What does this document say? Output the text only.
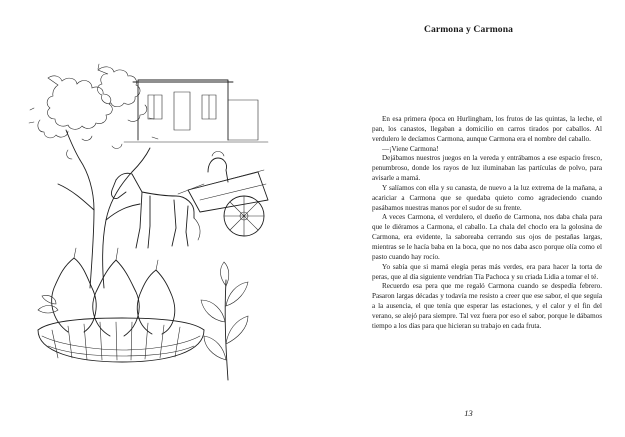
Carmona y Carmona

En esa primera época en Hurlingham, los frutos de las quintas, la leche, el pan, los canastos, llegaban a domicilio en carros tirados por caballos. Al verdulero le decíamos Carmona, aunque Carmona era el nombre del caballo.

—¡Viene Carmona!

Dejábamos nuestros juegos en la vereda y entrábamos a ese espacio fresco, penumbroso, donde los rayos de luz iluminaban las partículas de polvo, para avisarle a mamá.

Y salíamos con ella y su canasta, de nuevo a la luz extrema de la mañana, a acariciar a Carmona que se quedaba quieto como agradeciendo cuando pasábamos nuestras manos por el sudor de su frente.

A veces Carmona, el verdulero, el dueño de Carmona, nos daba chala para que le diéramos a Carmona, el caballo. La chala del choclo era la golosina de Carmona, era evidente, la saboreaba cerrando sus ojos de pestañas largas, mientras se le hacía baba en la boca, que no nos daba asco porque olía como el pasto cuando hay rocío.

Yo sabía que si mamá elegía peras más verdes, era para hacer la torta de peras, que al día siguiente vendrían Tía Pachoca y su criada Lidia a tomar el té.

Recuerdo esa pera que me regaló Carmona cuando se despedía febrero. Pasaron largas décadas y todavía me resisto a creer que ese sabor, el que seguía a la ausencia, el que tenía que esperar las estaciones, y el calor y el fin del verano, se alejó para siempre. Tal vez fuera por eso el sabor, porque le dábamos tiempo a los días para que hicieran su trabajo en cada fruta.

13
